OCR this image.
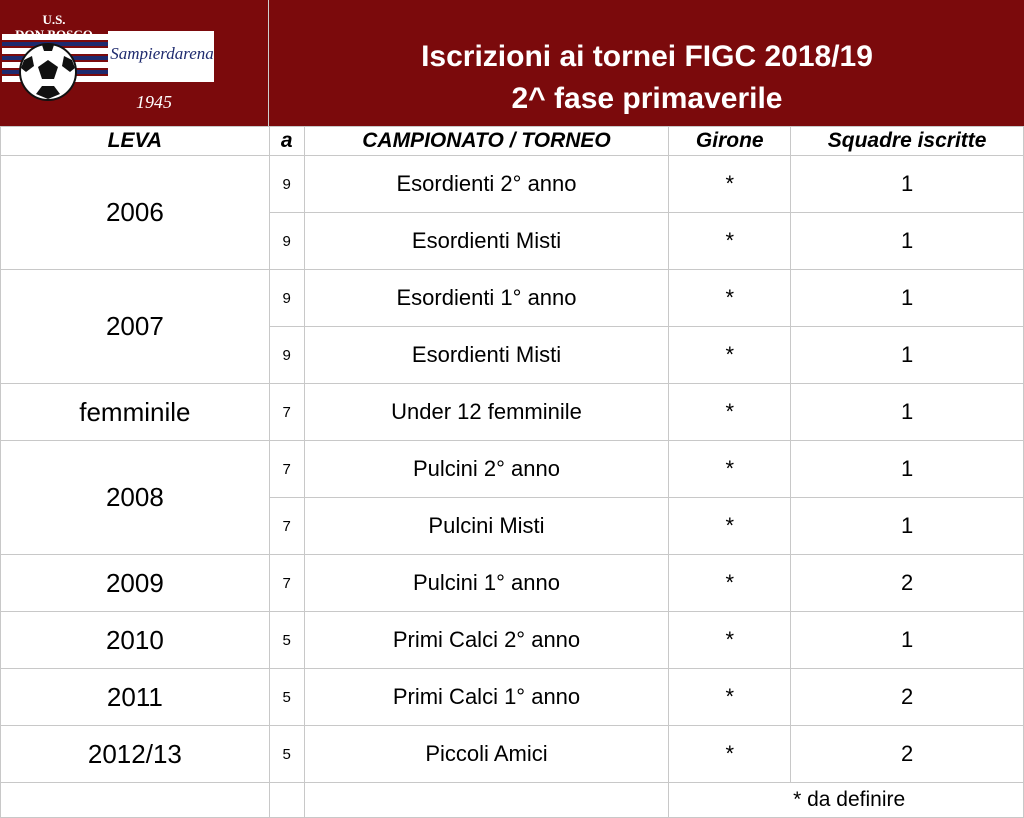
U.S.
DON BOSCO
Sampierdarena
1945
Iscrizioni ai tornei FIGC 2018/19
2^ fase primaverile
LEVA	a	CAMPIONATO / TORNEO	Girone	Squadre iscritte
2006	9	Esordienti 2° anno	*	1
	9	Esordienti Misti	*	1
2007	9	Esordienti 1° anno	*	1
	9	Esordienti Misti	*	1
femminile	7	Under 12 femminile	*	1
2008	7	Pulcini 2° anno	*	1
	7	Pulcini Misti	*	1
2009	7	Pulcini 1° anno	*	2
2010	5	Primi Calci 2° anno	*	1
2011	5	Primi Calci 1° anno	*	2
2012/13	5	Piccoli Amici	*	2

			* da definire	
